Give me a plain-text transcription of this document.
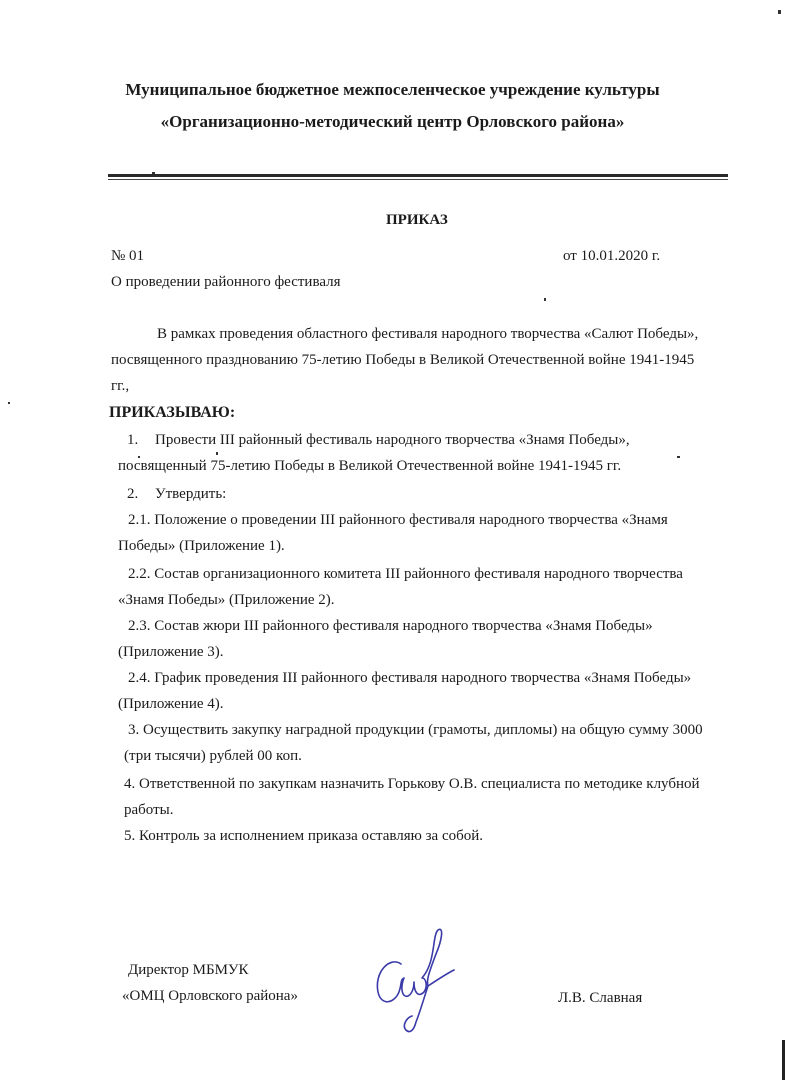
Муниципальное бюджетное межпоселенческое учреждение культуры
«Организационно-методический центр Орловского района»
ПРИКАЗ
№ 01	от 10.01.2020 г.
О проведении районного фестиваля
В рамках проведения областного фестиваля народного творчества «Салют Победы»,
посвященного празднованию 75-летию Победы в Великой Отечественной войне 1941-1945
гг.,
ПРИКАЗЫВАЮ:
1. Провести III районный фестиваль народного творчества «Знамя Победы»,
посвященный 75-летию Победы в Великой Отечественной войне 1941-1945 гг.
2. Утвердить:
2.1. Положение о проведении III районного фестиваля народного творчества «Знамя
Победы» (Приложение 1).
2.2. Состав организационного комитета III районного фестиваля народного творчества
«Знамя Победы» (Приложение 2).
2.3. Состав жюри III районного фестиваля народного творчества «Знамя Победы»
(Приложение 3).
2.4. График проведения III районного фестиваля народного творчества «Знамя Победы»
(Приложение 4).
3. Осуществить закупку наградной продукции (грамоты, дипломы) на общую сумму 3000
(три тысячи) рублей 00 коп.
4. Ответственной по закупкам назначить Горькову О.В. специалиста по методике клубной
работы.
5. Контроль за исполнением приказа оставляю за собой.
Директор МБМУК
«ОМЦ Орловского района»	Л.В. Славная
